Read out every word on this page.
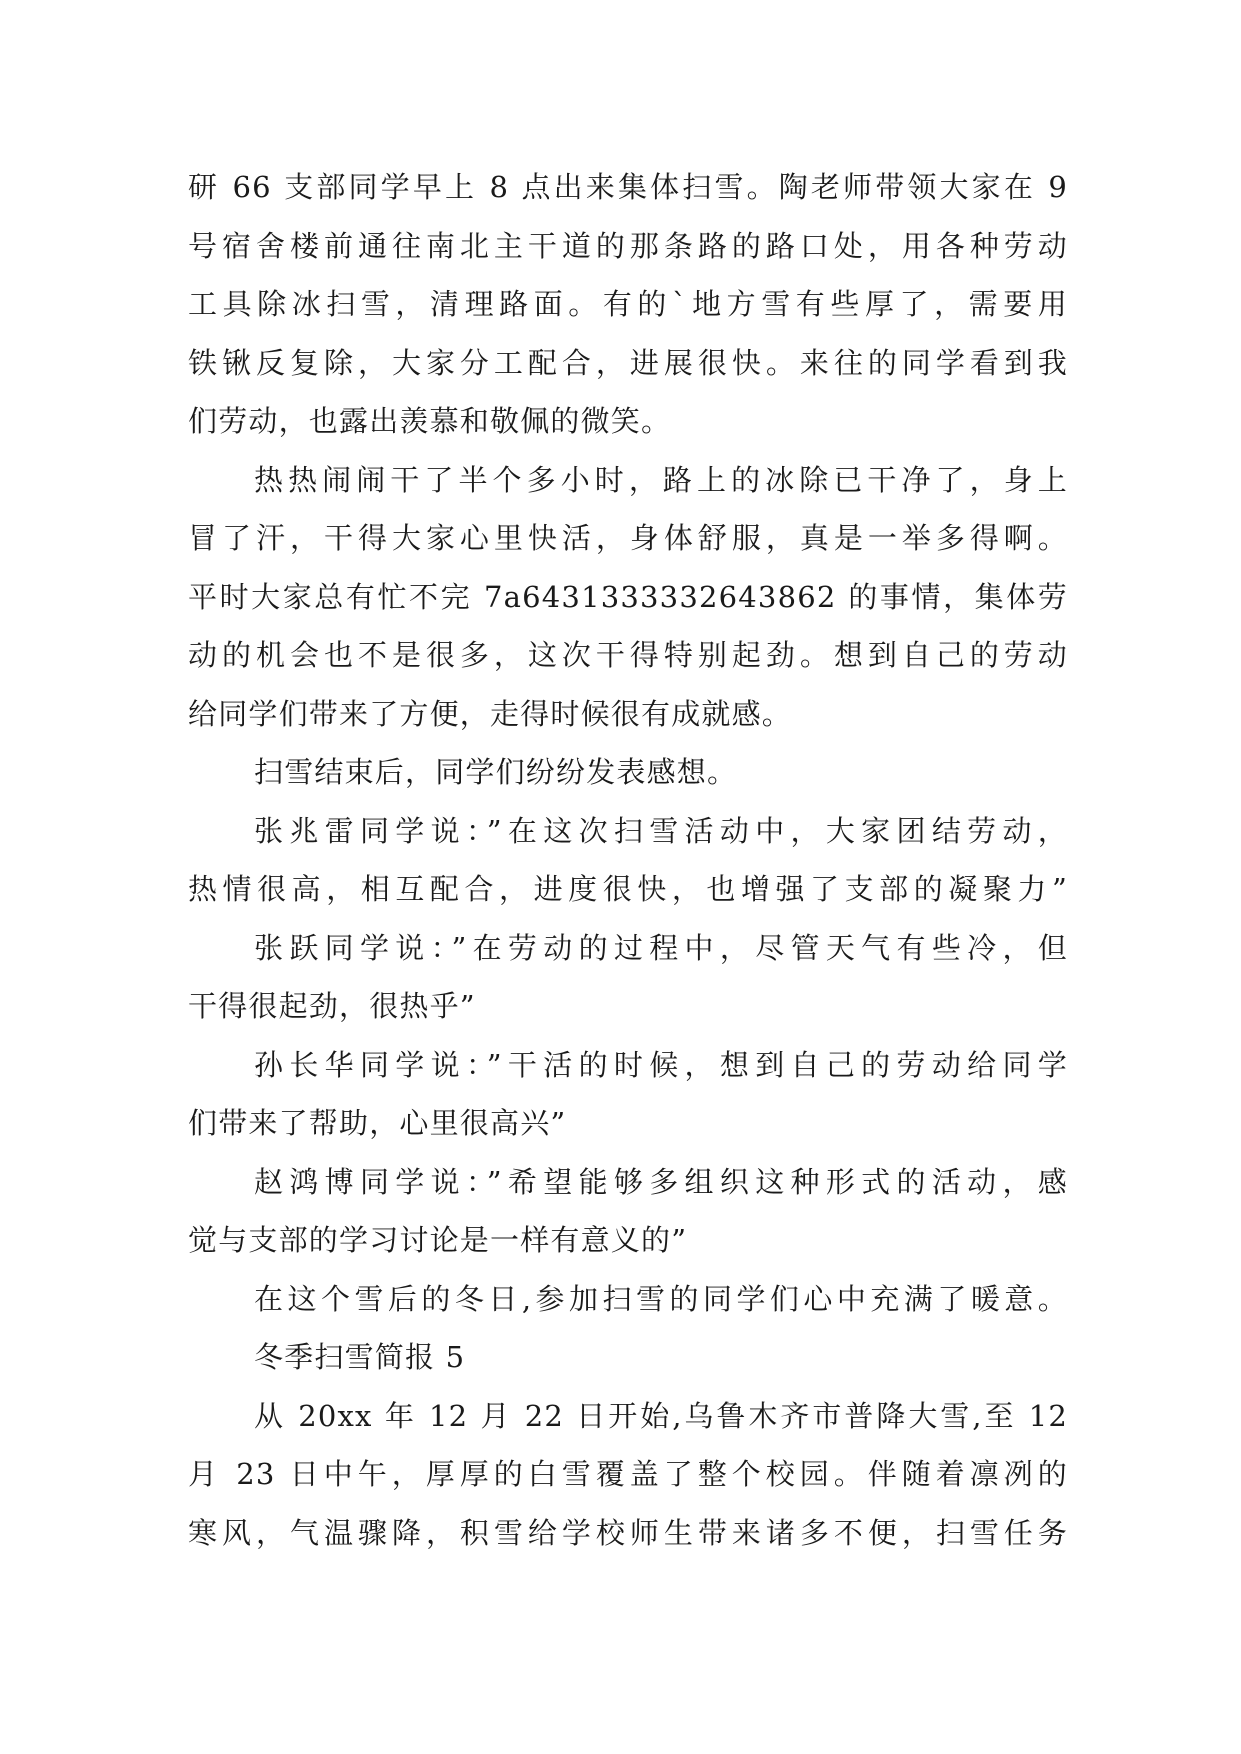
研 66 支部同学早上 8 点出来集体扫雪。陶老师带领大家在 9
号宿舍楼前通往南北主干道的那条路的路口处，用各种劳动
工具除冰扫雪，清理路面。有的`地方雪有些厚了，需要用
铁锹反复除，大家分工配合，进展很快。来往的同学看到我
们劳动，也露出羡慕和敬佩的微笑。
热热闹闹干了半个多小时，路上的冰除已干净了，身上
冒了汗，干得大家心里快活，身体舒服，真是一举多得啊。
平时大家总有忙不完 7a6431333332643862 的事情，集体劳
动的机会也不是很多，这次干得特别起劲。想到自己的劳动
给同学们带来了方便，走得时候很有成就感。
扫雪结束后，同学们纷纷发表感想。
张兆雷同学说：”在这次扫雪活动中，大家团结劳动，
热情很高，相互配合，进度很快，也增强了支部的凝聚力”
张跃同学说：”在劳动的过程中，尽管天气有些冷，但
干得很起劲，很热乎”
孙长华同学说：”干活的时候，想到自己的劳动给同学
们带来了帮助，心里很高兴”
赵鸿博同学说：”希望能够多组织这种形式的活动，感
觉与支部的学习讨论是一样有意义的”
在这个雪后的冬日,参加扫雪的同学们心中充满了暖意。
冬季扫雪简报 5
从 20xx 年 12 月 22 日开始,乌鲁木齐市普降大雪,至 12
月 23 日中午，厚厚的白雪覆盖了整个校园。伴随着凛冽的
寒风，气温骤降，积雪给学校师生带来诸多不便，扫雪任务
